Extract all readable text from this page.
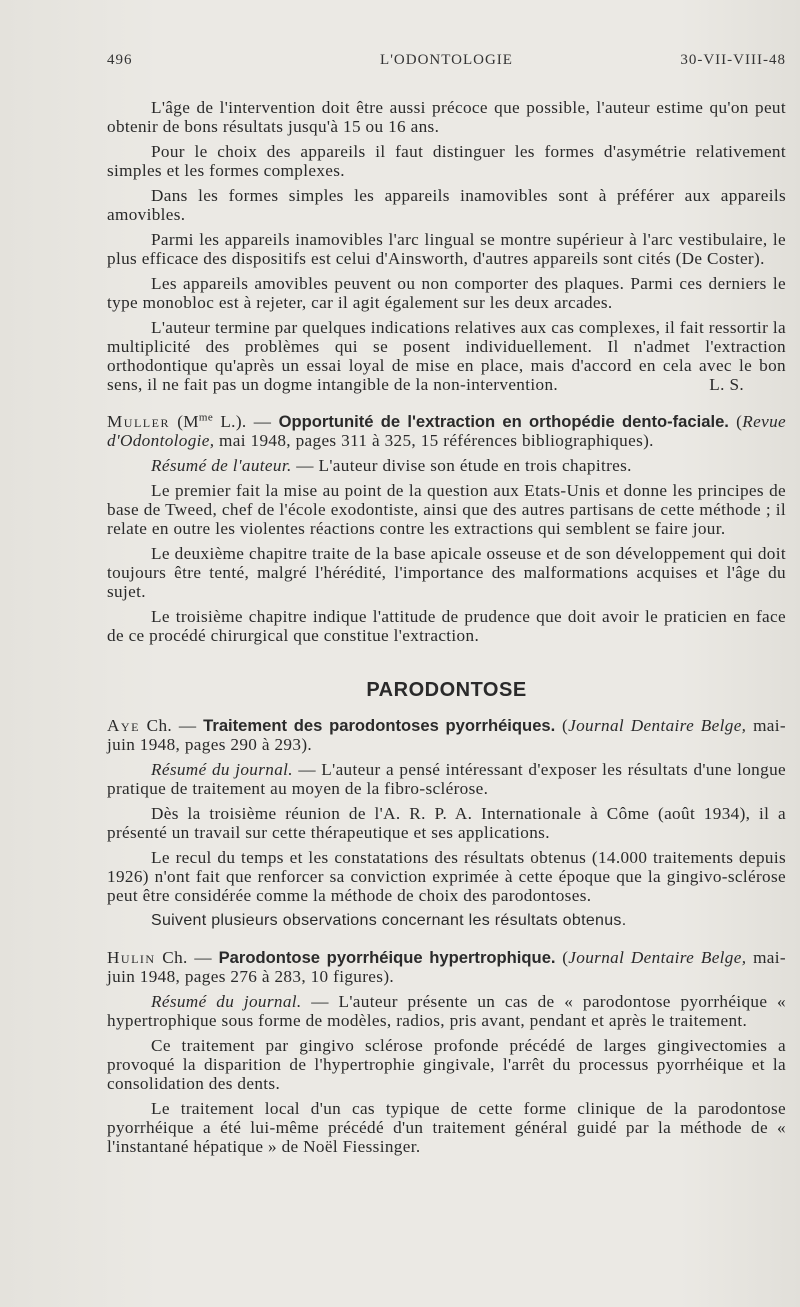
496	L'ODONTOLOGIE	30-VII-VIII-48

L'âge de l'intervention doit être aussi précoce que possible, l'auteur estime qu'on peut obtenir de bons résultats jusqu'à 15 ou 16 ans.

Pour le choix des appareils il faut distinguer les formes d'asymétrie relativement simples et les formes complexes.

Dans les formes simples les appareils inamovibles sont à préférer aux appareils amovibles.

Parmi les appareils inamovibles l'arc lingual se montre supérieur à l'arc vestibulaire, le plus efficace des dispositifs est celui d'Ainsworth, d'autres appareils sont cités (De Coster).

Les appareils amovibles peuvent ou non comporter des plaques. Parmi ces derniers le type monobloc est à rejeter, car il agit également sur les deux arcades.

L'auteur termine par quelques indications relatives aux cas complexes, il fait ressortir la multiplicité des problèmes qui se posent individuellement. Il n'admet l'extraction orthodontique qu'après un essai loyal de mise en place, mais d'accord en cela avec le bon sens, il ne fait pas un dogme intangible de la non-intervention.	L. S.

Muller ($M^{me}$ L.). — Opportunité de l'extraction en orthopédie dento-faciale. (Revue d'Odontologie, mai 1948, pages 311 à 325, 15 références bibliographiques).

Résumé de l'auteur. — L'auteur divise son étude en trois chapitres.

Le premier fait la mise au point de la question aux Etats-Unis et donne les principes de base de Tweed, chef de l'école exodontiste, ainsi que des autres partisans de cette méthode ; il relate en outre les violentes réactions contre les extractions qui semblent se faire jour.

Le deuxième chapitre traite de la base apicale osseuse et de son développement qui doit toujours être tenté, malgré l'hérédité, l'importance des malformations acquises et l'âge du sujet.

Le troisième chapitre indique l'attitude de prudence que doit avoir le praticien en face de ce procédé chirurgical que constitue l'extraction.

PARODONTOSE

Aye Ch. — Traitement des parodontoses pyorrhéiques. (Journal Dentaire Belge, mai-juin 1948, pages 290 à 293).

Résumé du journal. — L'auteur a pensé intéressant d'exposer les résultats d'une longue pratique de traitement au moyen de la fibro-sclérose.

Dès la troisième réunion de l'A. R. P. A. Internationale à Côme (août 1934), il a présenté un travail sur cette thérapeutique et ses applications.

Le recul du temps et les constatations des résultats obtenus (14.000 traitements depuis 1926) n'ont fait que renforcer sa conviction exprimée à cette époque que la gingivo-sclérose peut être considérée comme la méthode de choix des parodontoses.

Suivent plusieurs observations concernant les résultats obtenus.

Hulin Ch. — Parodontose pyorrhéique hypertrophique. (Journal Dentaire Belge, mai-juin 1948, pages 276 à 283, 10 figures).

Résumé du journal. — L'auteur présente un cas de « parodontose pyorrhéique « hypertrophique sous forme de modèles, radios, pris avant, pendant et après le traitement.

Ce traitement par gingivo sclérose profonde précédé de larges gingivectomies a provoqué la disparition de l'hypertrophie gingivale, l'arrêt du processus pyorrhéique et la consolidation des dents.

Le traitement local d'un cas typique de cette forme clinique de la parodontose pyorrhéique a été lui-même précédé d'un traitement général guidé par la méthode de « l'instantané hépatique » de Noël Fiessinger.
